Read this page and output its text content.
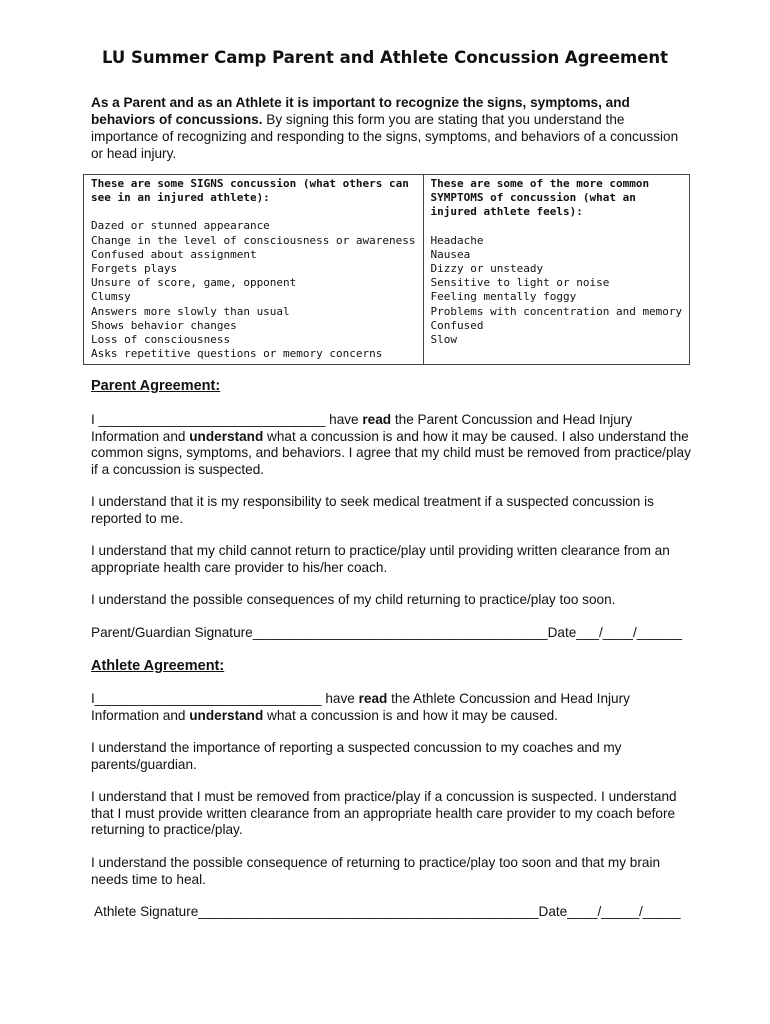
LU Summer Camp Parent and Athlete Concussion Agreement
As a Parent and as an Athlete it is important to recognize the signs, symptoms, and behaviors of concussions. By signing this form you are stating that you understand the importance of recognizing and responding to the signs, symptoms, and behaviors of a concussion or head injury.
These are some SIGNS concussion (what others can see in an injured athlete):
Dazed or stunned appearance
Change in the level of consciousness or awareness
Confused about assignment
Forgets plays
Unsure of score, game, opponent
Clumsy
Answers more slowly than usual
Shows behavior changes
Loss of consciousness
Asks repetitive questions or memory concerns

These are some of the more common SYMPTOMS of concussion (what an injured athlete feels):
Headache
Nausea
Dizzy or unsteady
Sensitive to light or noise
Feeling mentally foggy
Problems with concentration and memory
Confused
Slow
Parent Agreement:
I ______________________________ have read the Parent Concussion and Head Injury Information and understand what a concussion is and how it may be caused. I also understand the common signs, symptoms, and behaviors. I agree that my child must be removed from practice/play if a concussion is suspected.
I understand that it is my responsibility to seek medical treatment if a suspected concussion is reported to me.
I understand that my child cannot return to practice/play until providing written clearance from an appropriate health care provider to his/her coach.
I understand the possible consequences of my child returning to practice/play too soon.
Parent/Guardian Signature_______________________________________Date___/____/______
Athlete Agreement:
I______________________________ have read the Athlete Concussion and Head Injury Information and understand what a concussion is and how it may be caused.
I understand the importance of reporting a suspected concussion to my coaches and my parents/guardian.
I understand that I must be removed from practice/play if a concussion is suspected. I understand that I must provide written clearance from an appropriate health care provider to my coach before returning to practice/play.
I understand the possible consequence of returning to practice/play too soon and that my brain needs time to heal.
Athlete Signature_____________________________________________Date____/_____/_____
